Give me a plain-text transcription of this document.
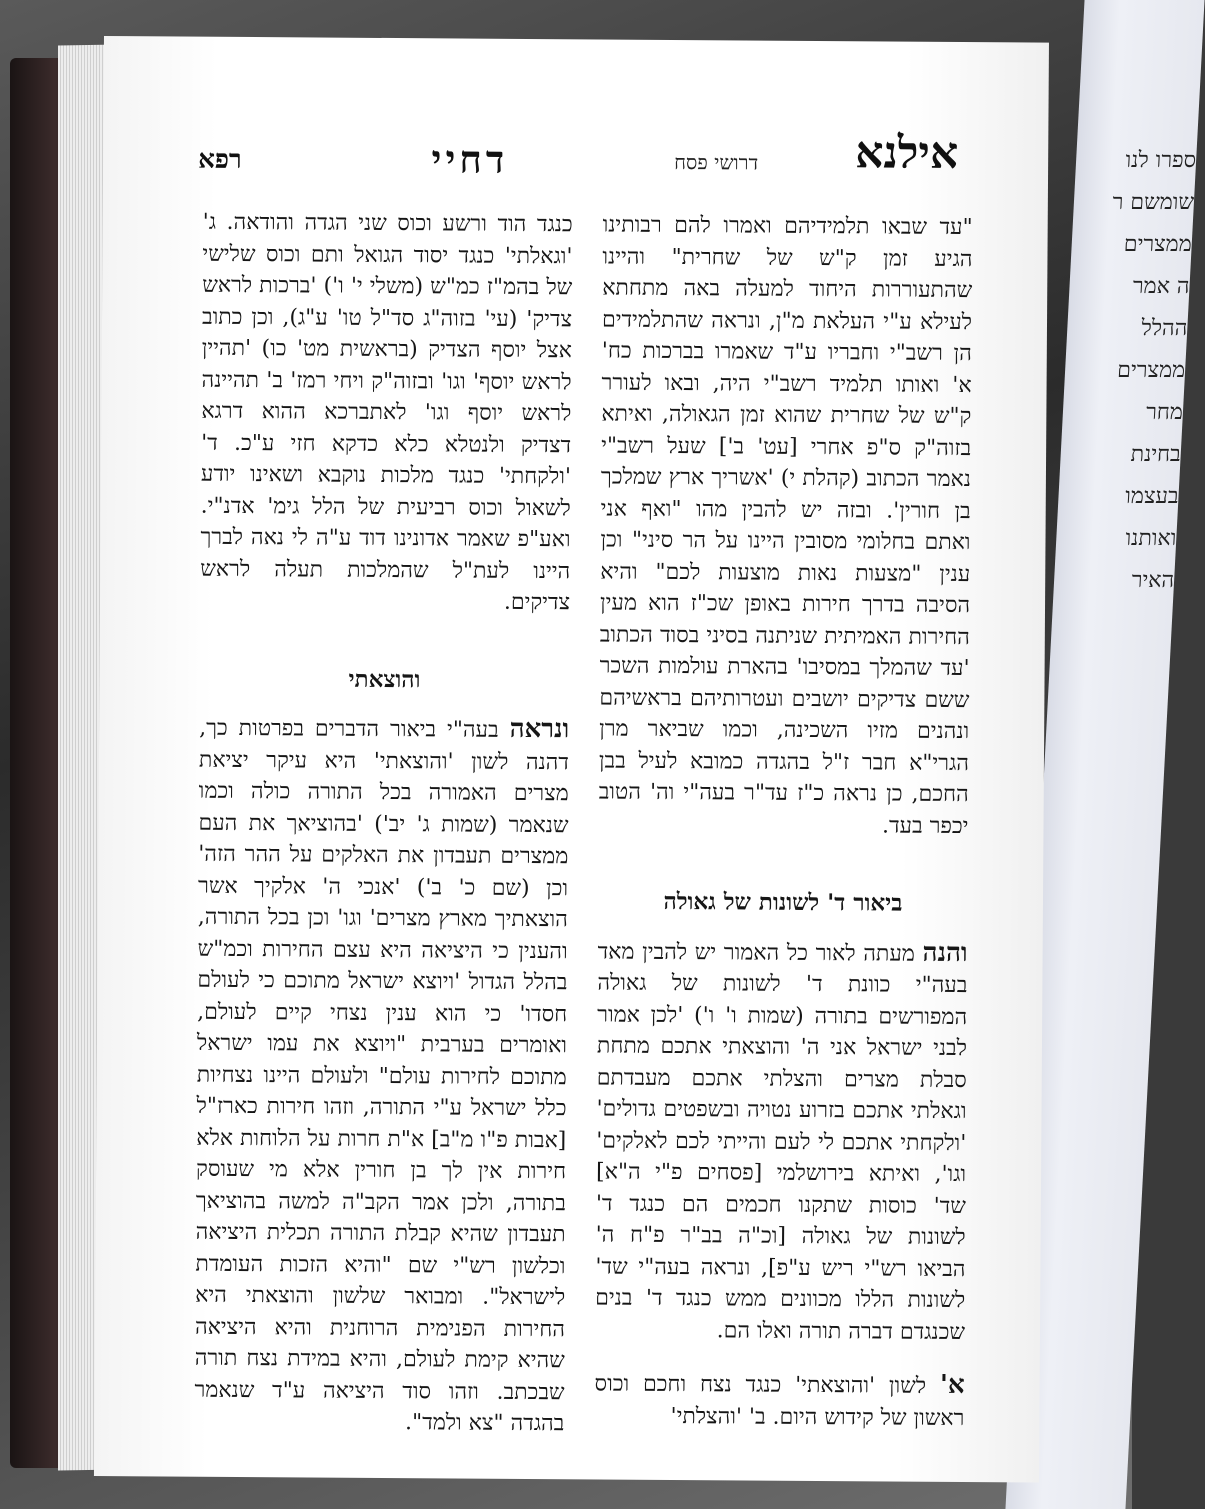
ספרו לנו
שומשם ר
ממצרים
ה אמר
ההלל
ממצרים
מחר
בחינת
בעצמו
ואותנו
האיר
אילנא
דרושי פסח
דחיי
רפא

"עד שבאו תלמידיהם ואמרו להם רבותינו הגיע זמן ק"ש של שחרית" והיינו שהתעוררות היחוד למעלה באה מתחתא לעילא ע"י העלאת מ"ן, ונראה שהתלמידים הן רשב"י וחבריו ע"ד שאמרו בברכות כח' א' ואותו תלמיד רשב"י היה, ובאו לעורר ק"ש של שחרית שהוא זמן הגאולה, ואיתא בזוה"ק ס"פ אחרי [עט' ב'] שעל רשב"י נאמר הכתוב (קהלת י) 'אשריך ארץ שמלכך בן חורין'. ובזה יש להבין מהו "ואף אני ואתם בחלומי מסובין היינו על הר סיני" וכן ענין "מצעות נאות מוצעות לכם" והיא הסיבה בדרך חירות באופן שכ"ז הוא מעין החירות האמיתית שניתנה בסיני בסוד הכתוב 'עד שהמלך במסיבו' בהארת עולמות השכר ששם צדיקים יושבים ועטרותיהם בראשיהם ונהנים מזיו השכינה, וכמו שביאר מרן הגרי"א חבר ז"ל בהגדה כמובא לעיל בבן החכם, כן נראה כ"ז עד"ר בעה"י וה' הטוב יכפר בעד.

ביאור ד' לשונות של גאולה

והנה מעתה לאור כל האמור יש להבין מאד בעה"י כוונת ד' לשונות של גאולה המפורשים בתורה (שמות ו' ו') 'לכן אמור לבני ישראל אני ה' והוצאתי אתכם מתחת סבלת מצרים והצלתי אתכם מעבדתם וגאלתי אתכם בזרוע נטויה ובשפטים גדולים' 'ולקחתי אתכם לי לעם והייתי לכם לאלקים' וגו', ואיתא בירושלמי [פסחים פ"י ה"א] שד' כוסות שתקנו חכמים הם כנגד ד' לשונות של גאולה [וכ"ה בב"ר פ"ח ה' הביאו רש"י ריש ע"פ], ונראה בעה"י שד' לשונות הללו מכוונים ממש כנגד ד' בנים שכנגדם דברה תורה ואלו הם.

א' לשון 'והוצאתי' כנגד נצח וחכם וכוס ראשון של קידוש היום. ב' 'והצלתי'

כנגד הוד ורשע וכוס שני הגדה והודאה. ג' 'וגאלתי' כנגד יסוד הגואל ותם וכוס שלישי של בהמ"ז כמ"ש (משלי י' ו') 'ברכות לראש צדיק' (עי' בזוה"ג סד"ל טו' ע"ג), וכן כתוב אצל יוסף הצדיק (בראשית מט' כו) 'תהיין לראש יוסף' וגו' ובזוה"ק ויחי רמז' ב' תהיינה לראש יוסף וגו' לאתברכא ההוא דרגא דצדיק ולנטלא כלא כדקא חזי ע"כ. ד' 'ולקחתי' כנגד מלכות נוקבא ושאינו יודע לשאול וכוס רביעית של הלל גימ' אדנ"י. ואע"פ שאמר אדונינו דוד ע"ה לי נאה לברך היינו לעת"ל שהמלכות תעלה לראש צדיקים.

והוצאתי

ונראה בעה"י ביאור הדברים בפרטות כך, דהנה לשון 'והוצאתי' היא עיקר יציאת מצרים האמורה בכל התורה כולה וכמו שנאמר (שמות ג' יב') 'בהוציאך את העם ממצרים תעבדון את האלקים על ההר הזה' וכן (שם כ' ב') 'אנכי ה' אלקיך אשר הוצאתיך מארץ מצרים' וגו' וכן בכל התורה, והענין כי היציאה היא עצם החירות וכמ"ש בהלל הגדול 'ויוצא ישראל מתוכם כי לעולם חסדו' כי הוא ענין נצחי קיים לעולם, ואומרים בערבית "ויוצא את עמו ישראל מתוכם לחירות עולם" ולעולם היינו נצחיות כלל ישראל ע"י התורה, וזהו חירות כארז"ל [אבות פ"ו מ"ב] א"ת חרות על הלוחות אלא חירות אין לך בן חורין אלא מי שעוסק בתורה, ולכן אמר הקב"ה למשה בהוציאך תעבדון שהיא קבלת התורה תכלית היציאה וכלשון רש"י שם "והיא הזכות העומדת לישראל". ומבואר שלשון והוצאתי היא החירות הפנימית הרוחנית והיא היציאה שהיא קימת לעולם, והיא במידת נצח תורה שבכתב. וזהו סוד היציאה ע"ד שנאמר בהגדה "צא ולמד".
